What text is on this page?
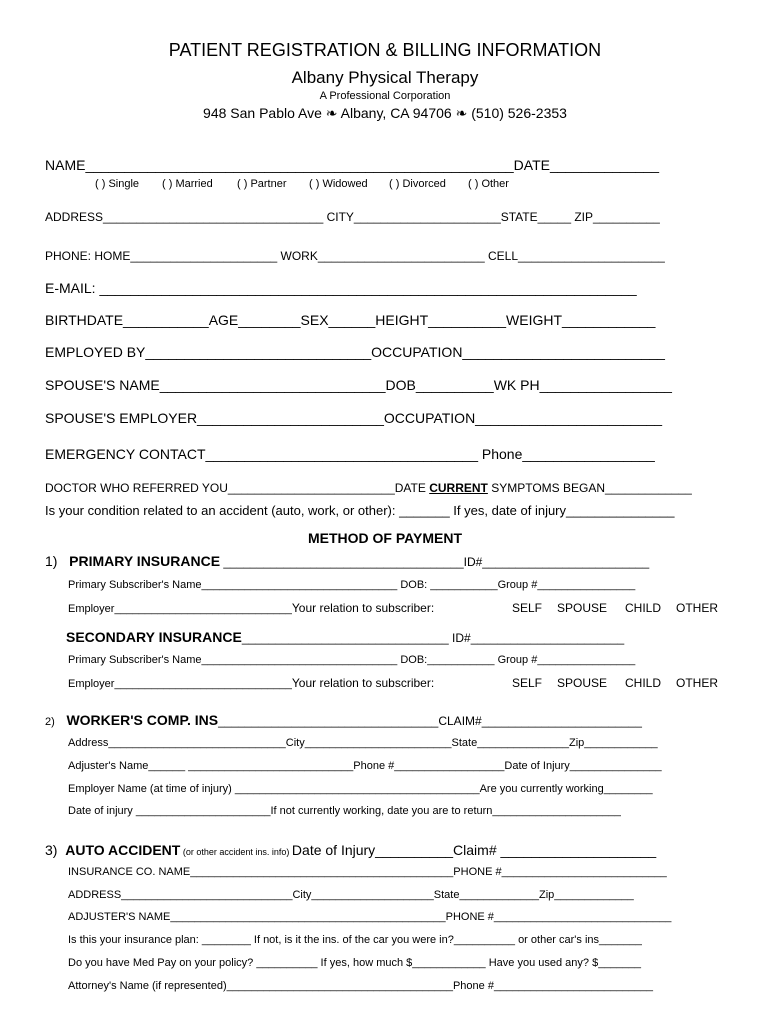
PATIENT REGISTRATION & BILLING INFORMATION
Albany Physical Therapy
A Professional Corporation
948 San Pablo Ave ❧ Albany, CA 94706 ❧ (510) 526-2353
NAME_______________________________________________________DATE______________
( ) Single ( ) Married ( ) Partner ( ) Widowed ( ) Divorced ( ) Other
ADDRESS_________________________________ CITY______________________STATE_____ ZIP__________
PHONE: HOME______________________ WORK_________________________ CELL______________________
E-MAIL: _____________________________________________________________________
BIRTHDATE___________AGE________SEX______HEIGHT__________WEIGHT____________
EMPLOYED BY_____________________________OCCUPATION__________________________
SPOUSE'S NAME_____________________________DOB__________WK PH_________________
SPOUSE'S EMPLOYER________________________OCCUPATION________________________
EMERGENCY CONTACT___________________________________ Phone_________________
DOCTOR WHO REFERRED YOU_________________________DATE CURRENT SYMPTOMS BEGAN_____________
Is your condition related to an accident (auto, work, or other): _______ If yes, date of injury_______________
METHOD OF PAYMENT
1) PRIMARY INSURANCE ____________________________________ID#_________________________
Primary Subscriber's Name________________________________ DOB: ___________Group #________________
Employer_____________________________Your relation to subscriber:	SELF SPOUSE CHILD OTHER
SECONDARY INSURANCE_______________________________ ID#_______________________
Primary Subscriber's Name________________________________ DOB:___________ Group #________________
Employer_____________________________Your relation to subscriber:	SELF SPOUSE CHILD OTHER
2) WORKER'S COMP. INS_________________________________CLAIM#________________________
Address_____________________________City________________________State_______________Zip____________
Adjuster's Name______ ___________________________Phone #__________________Date of Injury_______________
Employer Name (at time of injury) ________________________________________Are you currently working________
Date of injury ______________________If not currently working, date you are to return_____________________
3) AUTO ACCIDENT (or other accident ins. info) Date of Injury__________Claim# ____________________
INSURANCE CO. NAME___________________________________________PHONE #___________________________
ADDRESS____________________________City____________________State_____________Zip_____________
ADJUSTER'S NAME_____________________________________________PHONE #_____________________________
Is this your insurance plan: ________ If not, is it the ins. of the car you were in?__________ or other car's ins_______
Do you have Med Pay on your policy? __________ If yes, how much $____________ Have you used any? $_______
Attorney's Name (if represented)_____________________________________Phone #__________________________
